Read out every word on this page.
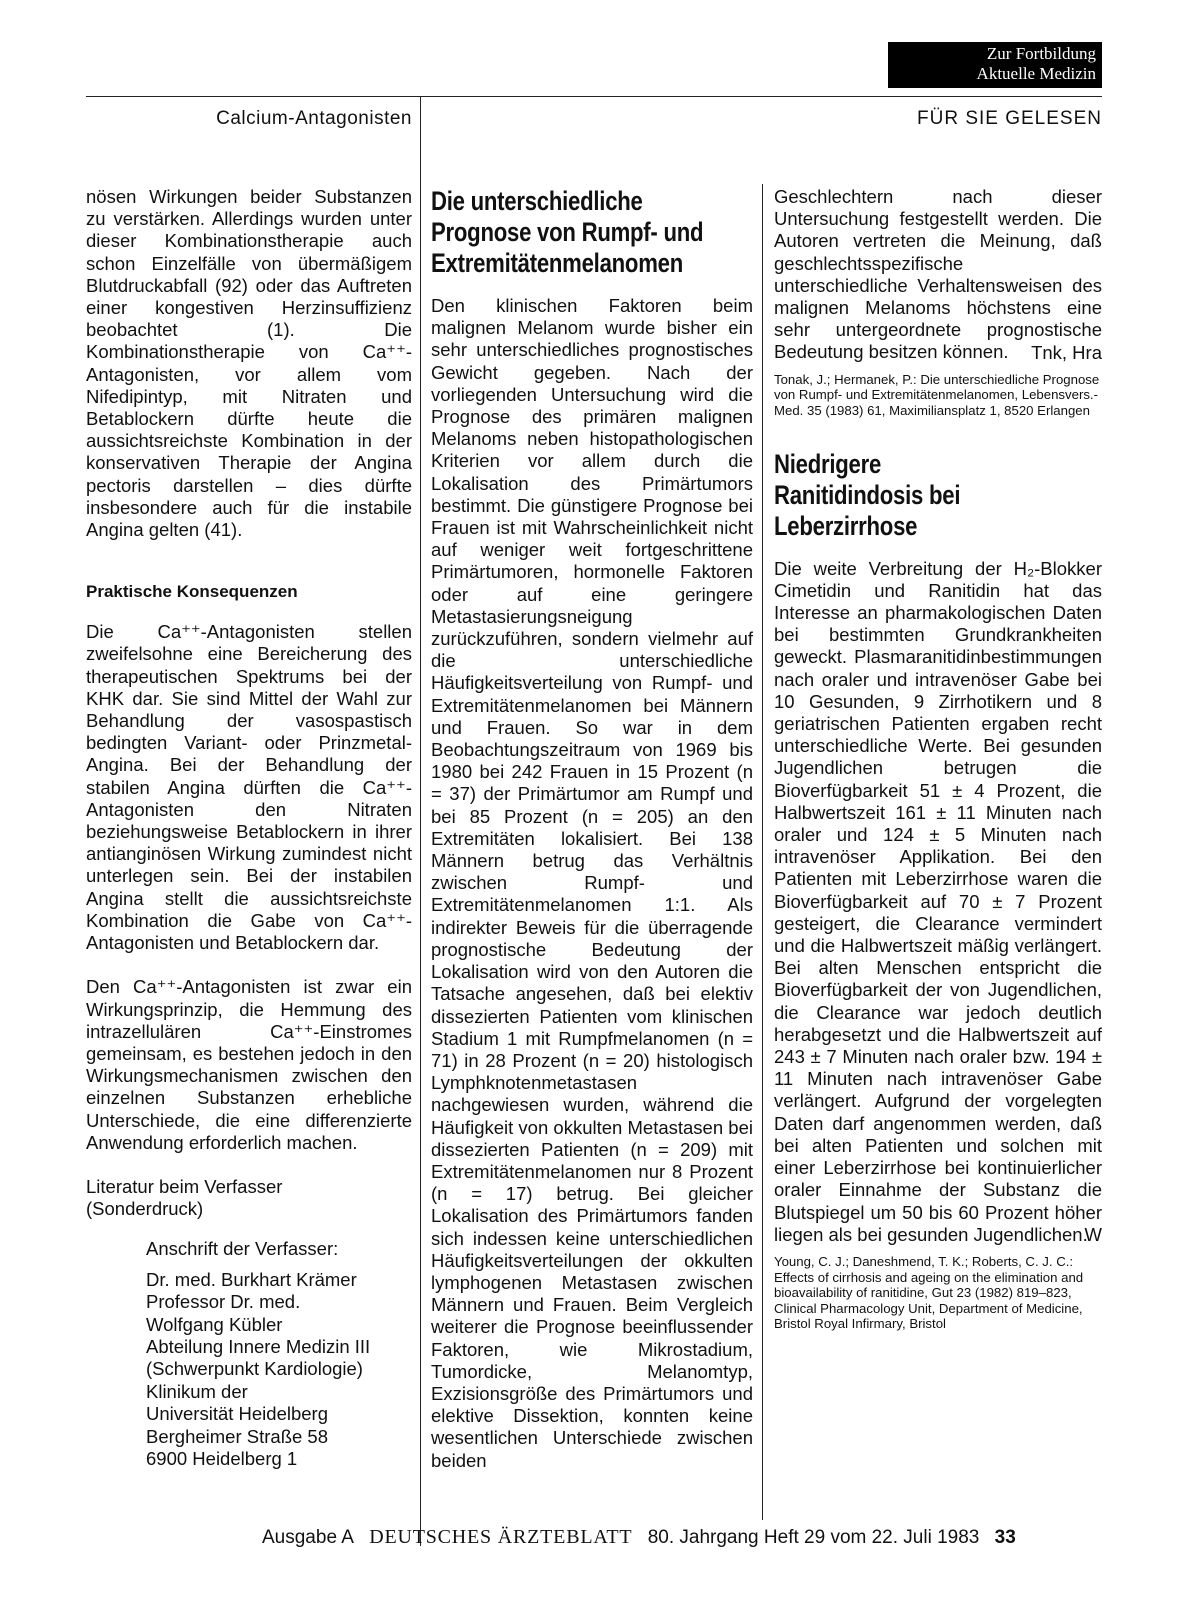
Zur Fortbildung
Aktuelle Medizin
Calcium-Antagonisten	FÜR SIE GELESEN

nösen Wirkungen beider Substanzen zu verstärken. Allerdings wurden unter dieser Kombinationstherapie auch schon Einzelfälle von übermäßigem Blutdruckabfall (92) oder das Auftreten einer kongestiven Herzinsuffizienz beobachtet (1). Die Kombinationstherapie von Ca⁺⁺-Antagonisten, vor allem vom Nifedipintyp, mit Nitraten und Betablockern dürfte heute die aussichtsreichste Kombination in der konservativen Therapie der Angina pectoris darstellen – dies dürfte insbesondere auch für die instabile Angina gelten (41).

Praktische Konsequenzen

Die Ca⁺⁺-Antagonisten stellen zweifelsohne eine Bereicherung des therapeutischen Spektrums bei der KHK dar. Sie sind Mittel der Wahl zur Behandlung der vasospastisch bedingten Variant- oder Prinzmetal-Angina. Bei der Behandlung der stabilen Angina dürften die Ca⁺⁺-Antagonisten den Nitraten beziehungsweise Betablockern in ihrer antianginösen Wirkung zumindest nicht unterlegen sein. Bei der instabilen Angina stellt die aussichtsreichste Kombination die Gabe von Ca⁺⁺-Antagonisten und Betablockern dar.

Den Ca⁺⁺-Antagonisten ist zwar ein Wirkungsprinzip, die Hemmung des intrazellulären Ca⁺⁺-Einstromes gemeinsam, es bestehen jedoch in den Wirkungsmechanismen zwischen den einzelnen Substanzen erhebliche Unterschiede, die eine differenzierte Anwendung erforderlich machen.

Literatur beim Verfasser
(Sonderdruck)
Anschrift der Verfasser:
Dr. med. Burkhart Krämer
Professor Dr. med.
Wolfgang Kübler
Abteilung Innere Medizin III
(Schwerpunkt Kardiologie)
Klinikum der
Universität Heidelberg
Bergheimer Straße 58
6900 Heidelberg 1
Die unterschiedliche
Prognose von Rumpf- und
Extremitätenmelanomen

Den klinischen Faktoren beim malignen Melanom wurde bisher ein sehr unterschiedliches prognostisches Gewicht gegeben. Nach der vorliegenden Untersuchung wird die Prognose des primären malignen Melanoms neben histopathologischen Kriterien vor allem durch die Lokalisation des Primärtumors bestimmt. Die günstigere Prognose bei Frauen ist mit Wahrscheinlichkeit nicht auf weniger weit fortgeschrittene Primärtumoren, hormonelle Faktoren oder auf eine geringere Metastasierungsneigung zurückzuführen, sondern vielmehr auf die unterschiedliche Häufigkeitsverteilung von Rumpf- und Extremitätenmelanomen bei Männern und Frauen. So war in dem Beobachtungszeitraum von 1969 bis 1980 bei 242 Frauen in 15 Prozent (n = 37) der Primärtumor am Rumpf und bei 85 Prozent (n = 205) an den Extremitäten lokalisiert. Bei 138 Männern betrug das Verhältnis zwischen Rumpf- und Extremitätenmelanomen 1:1. Als indirekter Beweis für die überragende prognostische Bedeutung der Lokalisation wird von den Autoren die Tatsache angesehen, daß bei elektiv dissezierten Patienten vom klinischen Stadium 1 mit Rumpfmelanomen (n = 71) in 28 Prozent (n = 20) histologisch Lymphknotenmetastasen nachgewiesen wurden, während die Häufigkeit von okkulten Metastasen bei dissezierten Patienten (n = 209) mit Extremitätenmelanomen nur 8 Prozent (n = 17) betrug. Bei gleicher Lokalisation des Primärtumors fanden sich indessen keine unterschiedlichen Häufigkeitsverteilungen der okkulten lymphogenen Metastasen zwischen Männern und Frauen. Beim Vergleich weiterer die Prognose beeinflussender Faktoren, wie Mikrostadium, Tumordicke, Melanomtyp, Exzisionsgröße des Primärtumors und elektive Dissektion, konnten keine wesentlichen Unterschiede zwischen beiden

Geschlechtern nach dieser Untersuchung festgestellt werden. Die Autoren vertreten die Meinung, daß geschlechtsspezifische unterschiedliche Verhaltensweisen des malignen Melanoms höchstens eine sehr untergeordnete prognostische Bedeutung besitzen können.	Tnk, Hra

Tonak, J.; Hermanek, P.: Die unterschiedliche Prognose von Rumpf- und Extremitätenmelanomen, Lebensvers.-Med. 35 (1983) 61, Maximiliansplatz 1, 8520 Erlangen

Niedrigere
Ranitidindosis bei
Leberzirrhose

Die weite Verbreitung der H₂-Blokker Cimetidin und Ranitidin hat das Interesse an pharmakologischen Daten bei bestimmten Grundkrankheiten geweckt. Plasmaranitidinbestimmungen nach oraler und intravenöser Gabe bei 10 Gesunden, 9 Zirrhotikern und 8 geriatrischen Patienten ergaben recht unterschiedliche Werte. Bei gesunden Jugendlichen betrugen die Bioverfügbarkeit 51 ± 4 Prozent, die Halbwertszeit 161 ± 11 Minuten nach oraler und 124 ± 5 Minuten nach intravenöser Applikation. Bei den Patienten mit Leberzirrhose waren die Bioverfügbarkeit auf 70 ± 7 Prozent gesteigert, die Clearance vermindert und die Halbwertszeit mäßig verlängert. Bei alten Menschen entspricht die Bioverfügbarkeit der von Jugendlichen, die Clearance war jedoch deutlich herabgesetzt und die Halbwertszeit auf 243 ± 7 Minuten nach oraler bzw. 194 ± 11 Minuten nach intravenöser Gabe verlängert. Aufgrund der vorgelegten Daten darf angenommen werden, daß bei alten Patienten und solchen mit einer Leberzirrhose bei kontinuierlicher oraler Einnahme der Substanz die Blutspiegel um 50 bis 60 Prozent höher liegen als bei gesunden Jugendlichen.

W

Young, C. J.; Daneshmend, T. K.; Roberts, C. J. C.: Effects of cirrhosis and ageing on the elimination and bioavailability of ranitidine, Gut 23 (1982) 819–823, Clinical Pharmacology Unit, Department of Medicine, Bristol Royal Infirmary, Bristol

Ausgabe A DEUTSCHES ÄRZTEBLATT 80. Jahrgang Heft 29 vom 22. Juli 1983 33
